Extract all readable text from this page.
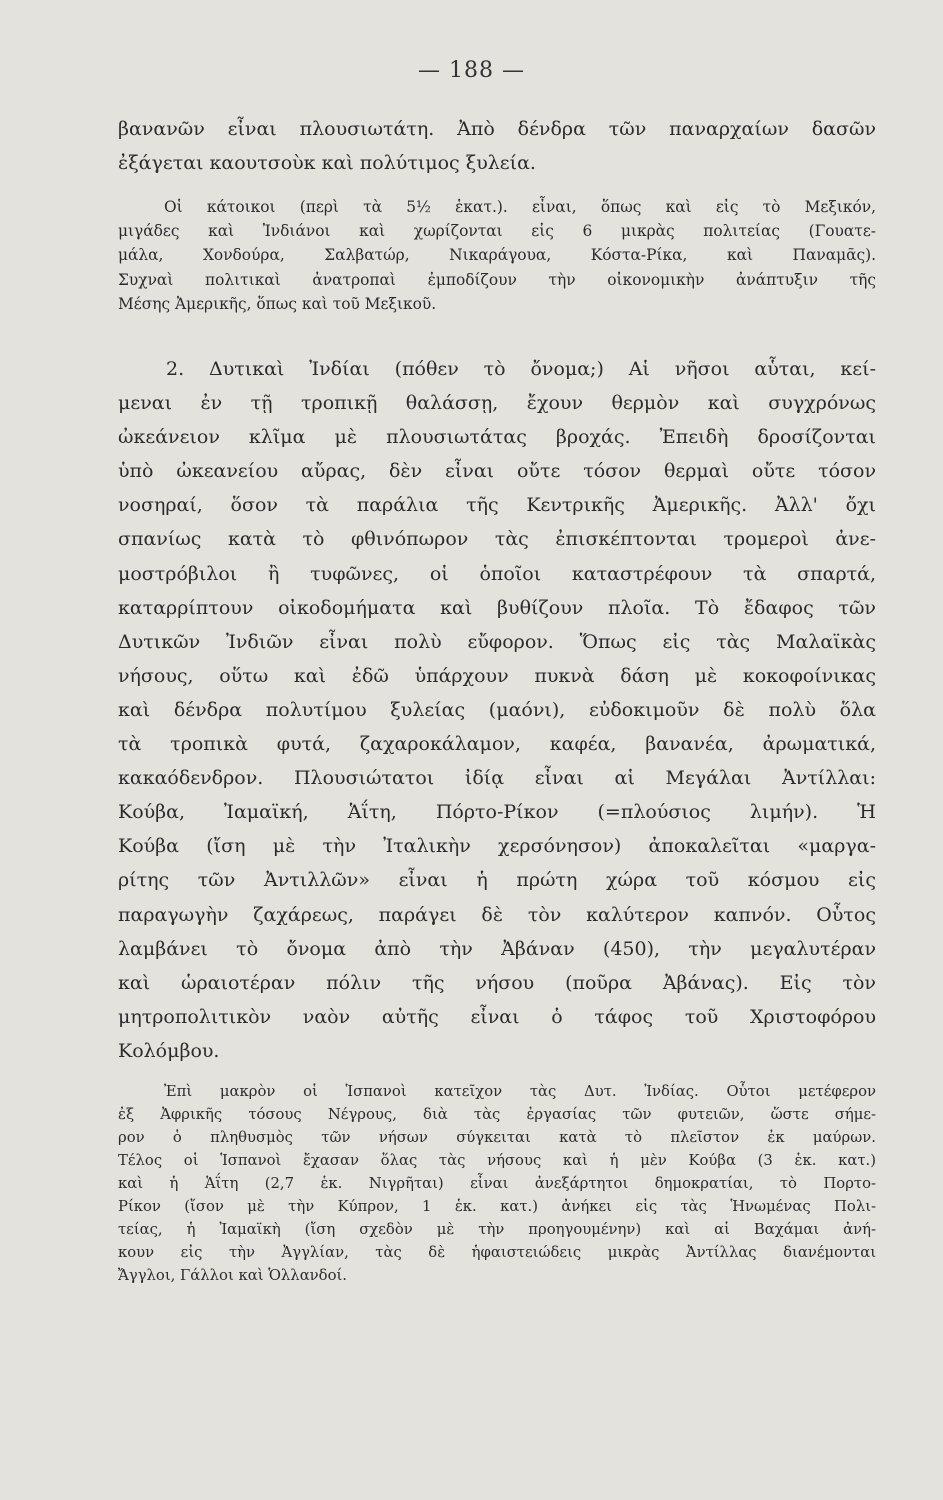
— 188 —
βανανῶν εἶναι πλουσιωτάτη. Ἀπὸ δένδρα τῶν παναρχαίων δασῶν
ἐξάγεται καουτσοὺκ καὶ πολύτιμος ξυλεία.
Οἱ κάτοικοι (περὶ τὰ 5½ ἑκατ.). εἶναι, ὅπως καὶ εἰς τὸ Μεξικόν,
μιγάδες καὶ Ἰνδιάνοι καὶ χωρίζονται εἰς 6 μικρὰς πολιτείας (Γουατε-
μάλα, Χονδούρα, Σαλβατώρ, Νικαράγουα, Κόστα-Ρίκα, καὶ Παναμᾶς).
Συχναὶ πολιτικαὶ ἀνατροπαὶ ἐμποδίζουν τὴν οἰκονομικὴν ἀνάπτυξιν τῆς
Μέσης Ἀμερικῆς, ὅπως καὶ τοῦ Μεξικοῦ.
2. Δυτικαὶ Ἰνδίαι (πόθεν τὸ ὄνομα;) Αἱ νῆσοι αὗται, κεί-
μεναι ἐν τῇ τροπικῇ θαλάσσῃ, ἔχουν θερμὸν καὶ συγχρόνως
ὠκεάνειον κλῖμα μὲ πλουσιωτάτας βροχάς. Ἐπειδὴ δροσίζονται
ὑπὸ ὠκεανείου αὔρας, δὲν εἶναι οὔτε τόσον θερμαὶ οὔτε τόσον
νοσηραί, ὅσον τὰ παράλια τῆς Κεντρικῆς Ἀμερικῆς. Ἀλλ' ὄχι
σπανίως κατὰ τὸ φθινόπωρον τὰς ἐπισκέπτονται τρομεροὶ ἀνε-
μοστρόβιλοι ἢ τυφῶνες, οἱ ὁποῖοι καταστρέφουν τὰ σπαρτά,
καταρρίπτουν οἰκοδομήματα καὶ βυθίζουν πλοῖα. Τὸ ἔδαφος τῶν
Δυτικῶν Ἰνδιῶν εἶναι πολὺ εὔφορον. Ὅπως εἰς τὰς Μαλαϊκὰς
νήσους, οὕτω καὶ ἐδῶ ὑπάρχουν πυκνὰ δάση μὲ κοκοφοίνικας
καὶ δένδρα πολυτίμου ξυλείας (μαόνι), εὐδοκιμοῦν δὲ πολὺ ὅλα
τὰ τροπικὰ φυτά, ζαχαροκάλαμον, καφέα, βανανέα, ἀρωματικά,
κακαόδενδρον. Πλουσιώτατοι ἰδίᾳ εἶναι αἱ Μεγάλαι Ἀντίλλαι:
Κούβα, Ἰαμαϊκή, Ἁΐτη, Πόρτο-Ρίκον (=πλούσιος λιμήν). Ἡ
Κούβα (ἴση μὲ τὴν Ἰταλικὴν χερσόνησον) ἀποκαλεῖται «μαργα-
ρίτης τῶν Ἀντιλλῶν» εἶναι ἡ πρώτη χώρα τοῦ κόσμου εἰς
παραγωγὴν ζαχάρεως, παράγει δὲ τὸν καλύτερον καπνόν. Οὗτος
λαμβάνει τὸ ὄνομα ἀπὸ τὴν Ἀβάναν (450), τὴν μεγαλυτέραν
καὶ ὡραιοτέραν πόλιν τῆς νήσου (ποῦρα Ἀβάνας). Εἰς τὸν
μητροπολιτικὸν ναὸν αὐτῆς εἶναι ὁ τάφος τοῦ Χριστοφόρου
Κολόμβου.
Ἐπὶ μακρὸν οἱ Ἱσπανοὶ κατεῖχον τὰς Δυτ. Ἰνδίας. Οὗτοι μετέφερον
ἐξ Ἀφρικῆς τόσους Νέγρους, διὰ τὰς ἐργασίας τῶν φυτειῶν, ὥστε σήμε-
ρον ὁ πληθυσμὸς τῶν νήσων σύγκειται κατὰ τὸ πλεῖστον ἐκ μαύρων.
Τέλος οἱ Ἱσπανοὶ ἔχασαν ὅλας τὰς νήσους καὶ ἡ μὲν Κούβα (3 ἑκ. κατ.)
καὶ ἡ Ἁΐτη (2,7 ἑκ. Νιγρῆται) εἶναι ἀνεξάρτητοι δημοκρατίαι, τὸ Πορτο-
Ρίκον (ἴσον μὲ τὴν Κύπρον, 1 ἑκ. κατ.) ἀνήκει εἰς τὰς Ἡνωμένας Πολι-
τείας, ἡ Ἰαμαϊκὴ (ἴση σχεδὸν μὲ τὴν προηγουμένην) καὶ αἱ Βαχάμαι ἀνή-
κουν εἰς τὴν Ἀγγλίαν, τὰς δὲ ἡφαιστειώδεις μικρὰς Ἀντίλλας διανέμονται
Ἄγγλοι, Γάλλοι καὶ Ὁλλανδοί.
